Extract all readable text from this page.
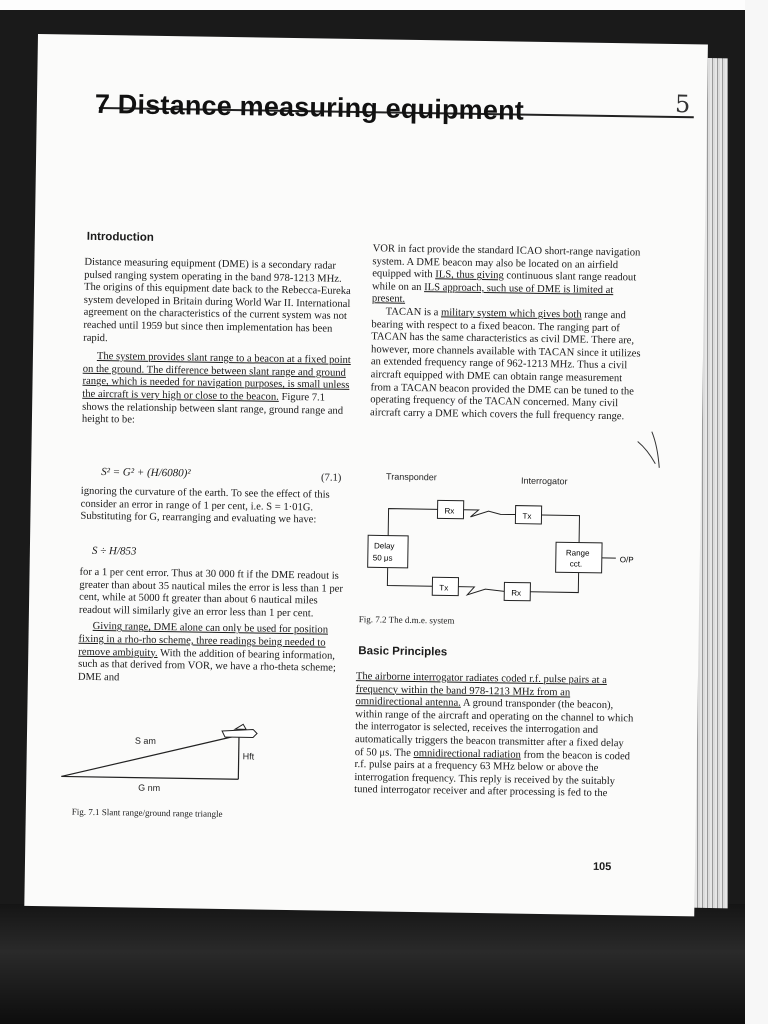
5
7 Distance measuring equipment
Introduction

Distance measuring equipment (DME) is a secondary radar pulsed ranging system operating in the band 978-1213 MHz. The origins of this equipment date back to the Rebecca-Eureka system developed in Britain during World War II. International agreement on the characteristics of the current system was not reached until 1959 but since then implementation has been rapid.

The system provides slant range to a beacon at a fixed point on the ground. The difference between slant range and ground range, which is needed for navigation purposes, is small unless the aircraft is very high or close to the beacon. Figure 7.1 shows the relationship between slant range, ground range and height to be:

S² = G² + (H/6080)²	(7.1)

ignoring the curvature of the earth. To see the effect of this consider an error in range of 1 per cent, i.e. S = 1·01G. Substituting for G, rearranging and evaluating we have:

S ÷ H/853

for a 1 per cent error. Thus at 30 000 ft if the DME readout is greater than about 35 nautical miles the error is less than 1 per cent, while at 5000 ft greater than about 6 nautical miles readout will similarly give an error less than 1 per cent.

Giving range, DME alone can only be used for position fixing in a rho-rho scheme, three readings being needed to remove ambiguity. With the addition of bearing information, such as that derived from VOR, we have a rho-theta scheme; DME and

S am
Hft
G nm
Fig. 7.1 Slant range/ground range triangle

VOR in fact provide the standard ICAO short-range navigation system. A DME beacon may also be located on an airfield equipped with ILS, thus giving continuous slant range readout while on an ILS approach, such use of DME is limited at present.

TACAN is a military system which gives both range and bearing with respect to a fixed beacon. The ranging part of TACAN has the same characteristics as civil DME. There are, however, more channels available with TACAN since it utilizes an extended frequency range of 962-1213 MHz. Thus a civil aircraft equipped with DME can obtain range measurement from a TACAN beacon provided the DME can be tuned to the operating frequency of the TACAN concerned. Many civil aircraft carry a DME which covers the full frequency range.

Transponder	Interrogator
Rx
Tx
Delay
50 μs
Range
cct.	O/P
Tx
Rx
Fig. 7.2 The d.m.e. system
Basic Principles

The airborne interrogator radiates coded r.f. pulse pairs at a frequency within the band 978-1213 MHz from an omnidirectional antenna. A ground transponder (the beacon), within range of the aircraft and operating on the channel to which the interrogator is selected, receives the interrogation and automatically triggers the beacon transmitter after a fixed delay of 50 μs. The omnidirectional radiation from the beacon is coded r.f. pulse pairs at a frequency 63 MHz below or above the interrogation frequency. This reply is received by the suitably tuned interrogator receiver and after processing is fed to the

105
